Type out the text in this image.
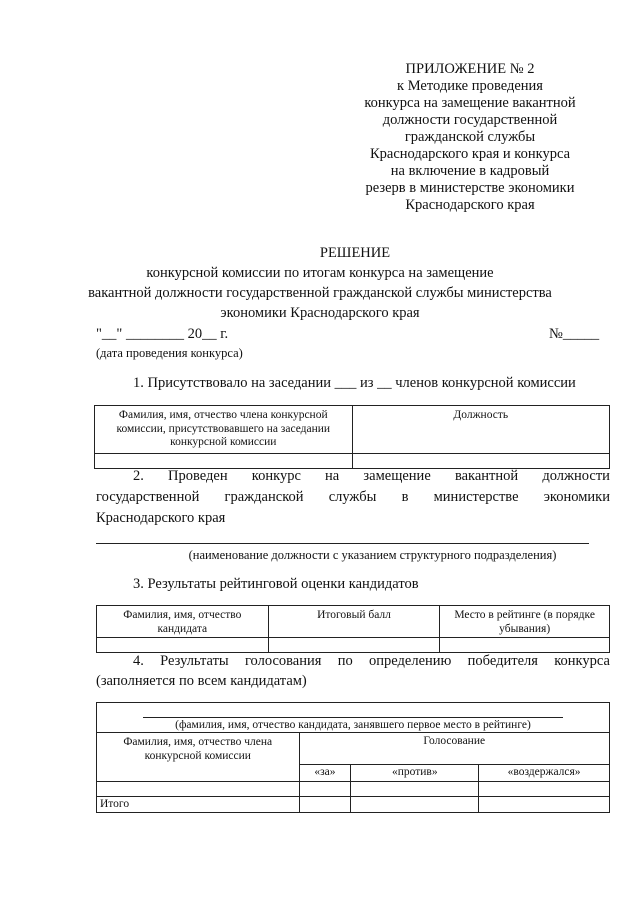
ПРИЛОЖЕНИЕ № 2
к Методике проведения
конкурса на замещение вакантной
должности государственной
гражданской службы
Краснодарского края и конкурса
на включение в кадровый
резерв в министерстве экономики
Краснодарского края
РЕШЕНИЕ
конкурсной комиссии по итогам конкурса на замещение
вакантной должности государственной гражданской службы министерства
экономики Краснодарского края
"__" ________ 20__ г.	№_____
(дата проведения конкурса)
1. Присутствовало на заседании ___ из __ членов конкурсной комиссии
Фамилия, имя, отчество члена конкурсной комиссии, присутствовавшего на заседании конкурсной комиссии	Должность

2. Проведен конкурс на замещение вакантной должности
государственной гражданской службы в министерстве экономики
Краснодарского края
(наименование должности с указанием структурного подразделения)
3. Результаты рейтинговой оценки кандидатов
Фамилия, имя, отчество кандидата	Итоговый балл	Место в рейтинге (в порядке убывания)

4. Результаты голосования по определению победителя конкурса
(заполняется по всем кандидатам)
(фамилия, имя, отчество кандидата, занявшего первое место в рейтинге)			

Фамилия, имя, отчество члена конкурсной комиссии	Голосование		
	«за»	«против»	«воздержался»

Итого			
